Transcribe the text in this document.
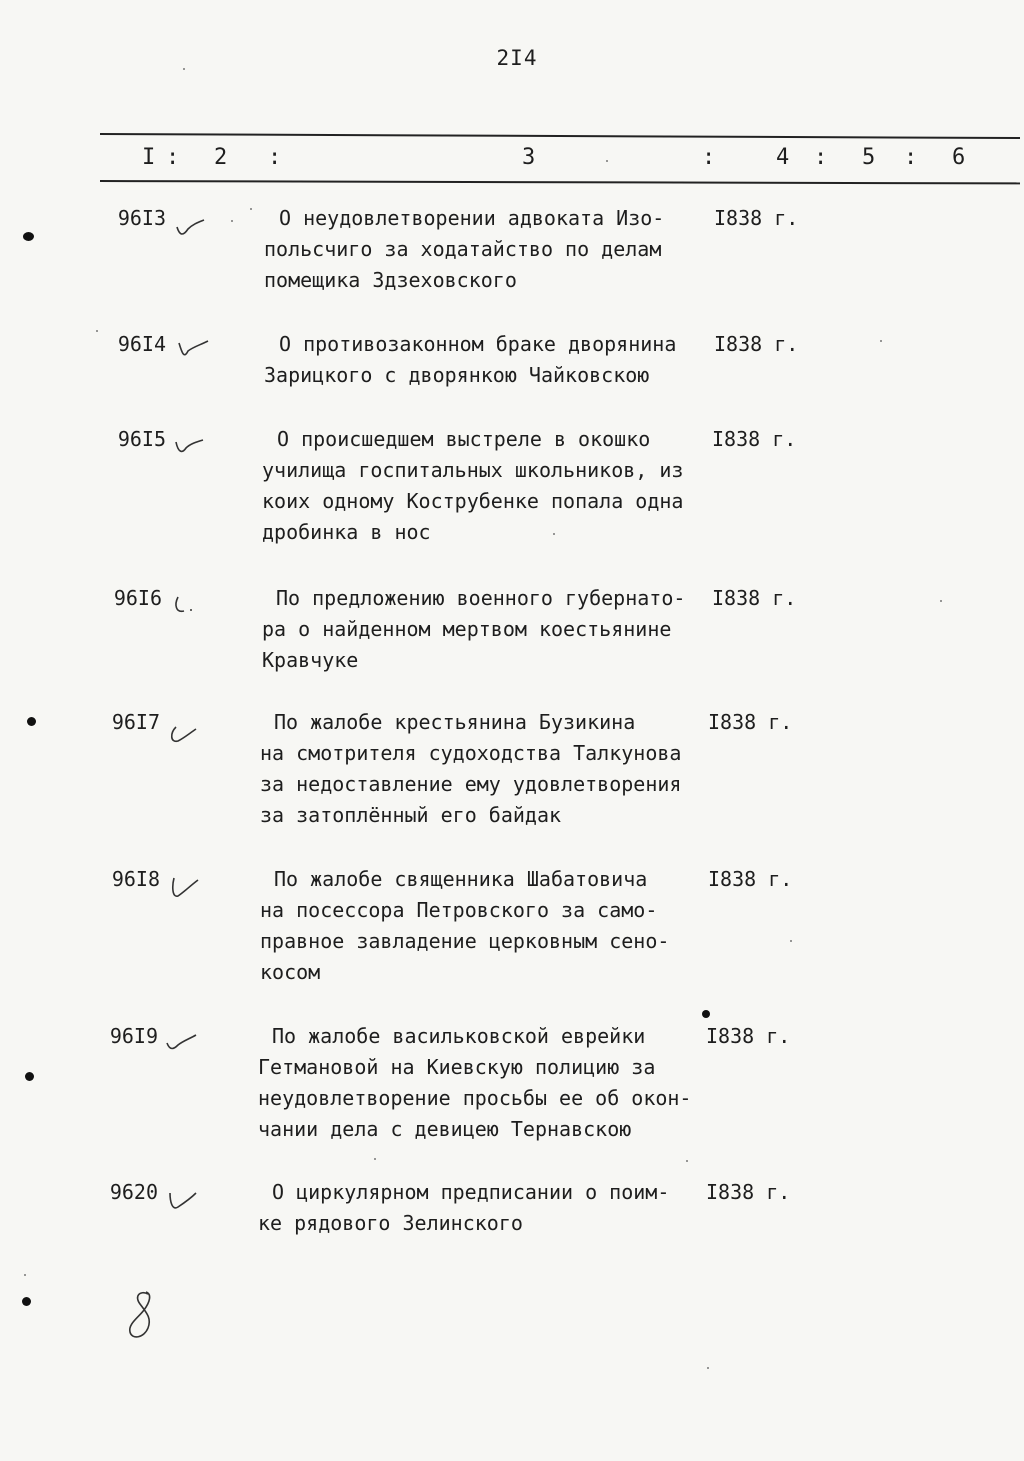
2I4
I : 2 :	3	:	4 : 5 : 6
96I3	О неудовлетворении адвоката Изо-
польсчиго за ходатайство по делам
помещика Здзеховского
I838 г.
96I4	О противозаконном браке дворянина
Зарицкого с дворянкою Чайковскою
I838 г.
96I5	О происшедшем выстреле в окошко
училища госпитальных школьников, из
коих одному Кострубенке попала одна
дробинка в нос
I838 г.
96I6	По предложению военного губернато-
ра о найденном мертвом коестьянине
Кравчуке
I838 г.
96I7	По жалобе крестьянина Бузикина
на смотрителя судоходства Талкунова
за недоставление ему удовлетворения
за затоплённый его байдак
I838 г.
96I8	По жалобе священника Шабатовича
на посессора Петровского за само-
правное завладение церковным сено-
косом
I838 г.
96I9	По жалобе васильковской еврейки
Гетмановой на Киевскую полицию за
неудовлетворение просьбы ее об окон-
чании дела с девицею Тернавскою
I838 г.
9620	О циркулярном предписании о поим-
ке рядового Зелинского
I838 г.
